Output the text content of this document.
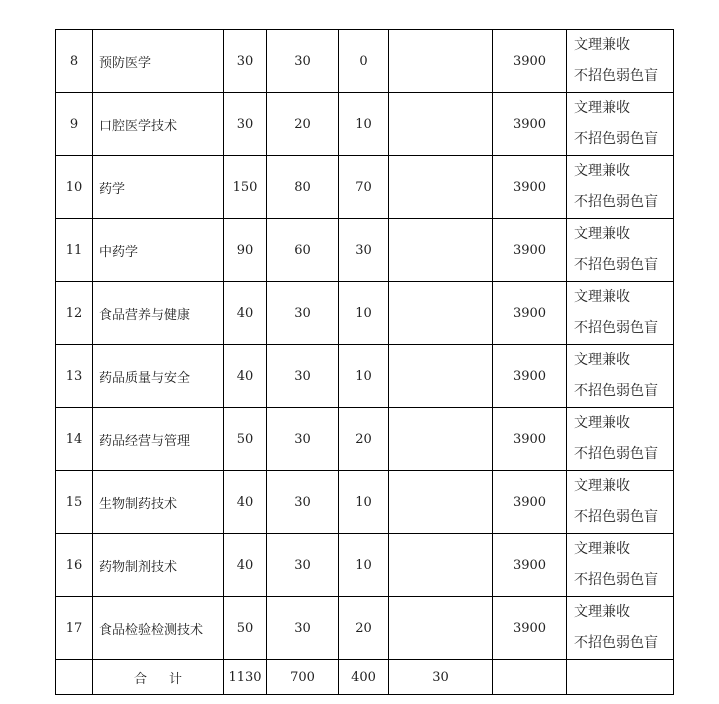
8	预防医学	30	30	0		3900	文理兼收
不招色弱色盲

9	口腔医学技术	30	20	10		3900	文理兼收
不招色弱色盲

10	药学	150	80	70		3900	文理兼收
不招色弱色盲

11	中药学	90	60	30		3900	文理兼收
不招色弱色盲

12	食品营养与健康	40	30	10		3900	文理兼收
不招色弱色盲

13	药品质量与安全	40	30	10		3900	文理兼收
不招色弱色盲

14	药品经营与管理	50	30	20		3900	文理兼收
不招色弱色盲

15	生物制药技术	40	30	10		3900	文理兼收
不招色弱色盲

16	药物制剂技术	40	30	10		3900	文理兼收
不招色弱色盲

17	食品检验检测技术	50	30	20		3900	文理兼收
不招色弱色盲

	合 计	1130	700	400	30		
